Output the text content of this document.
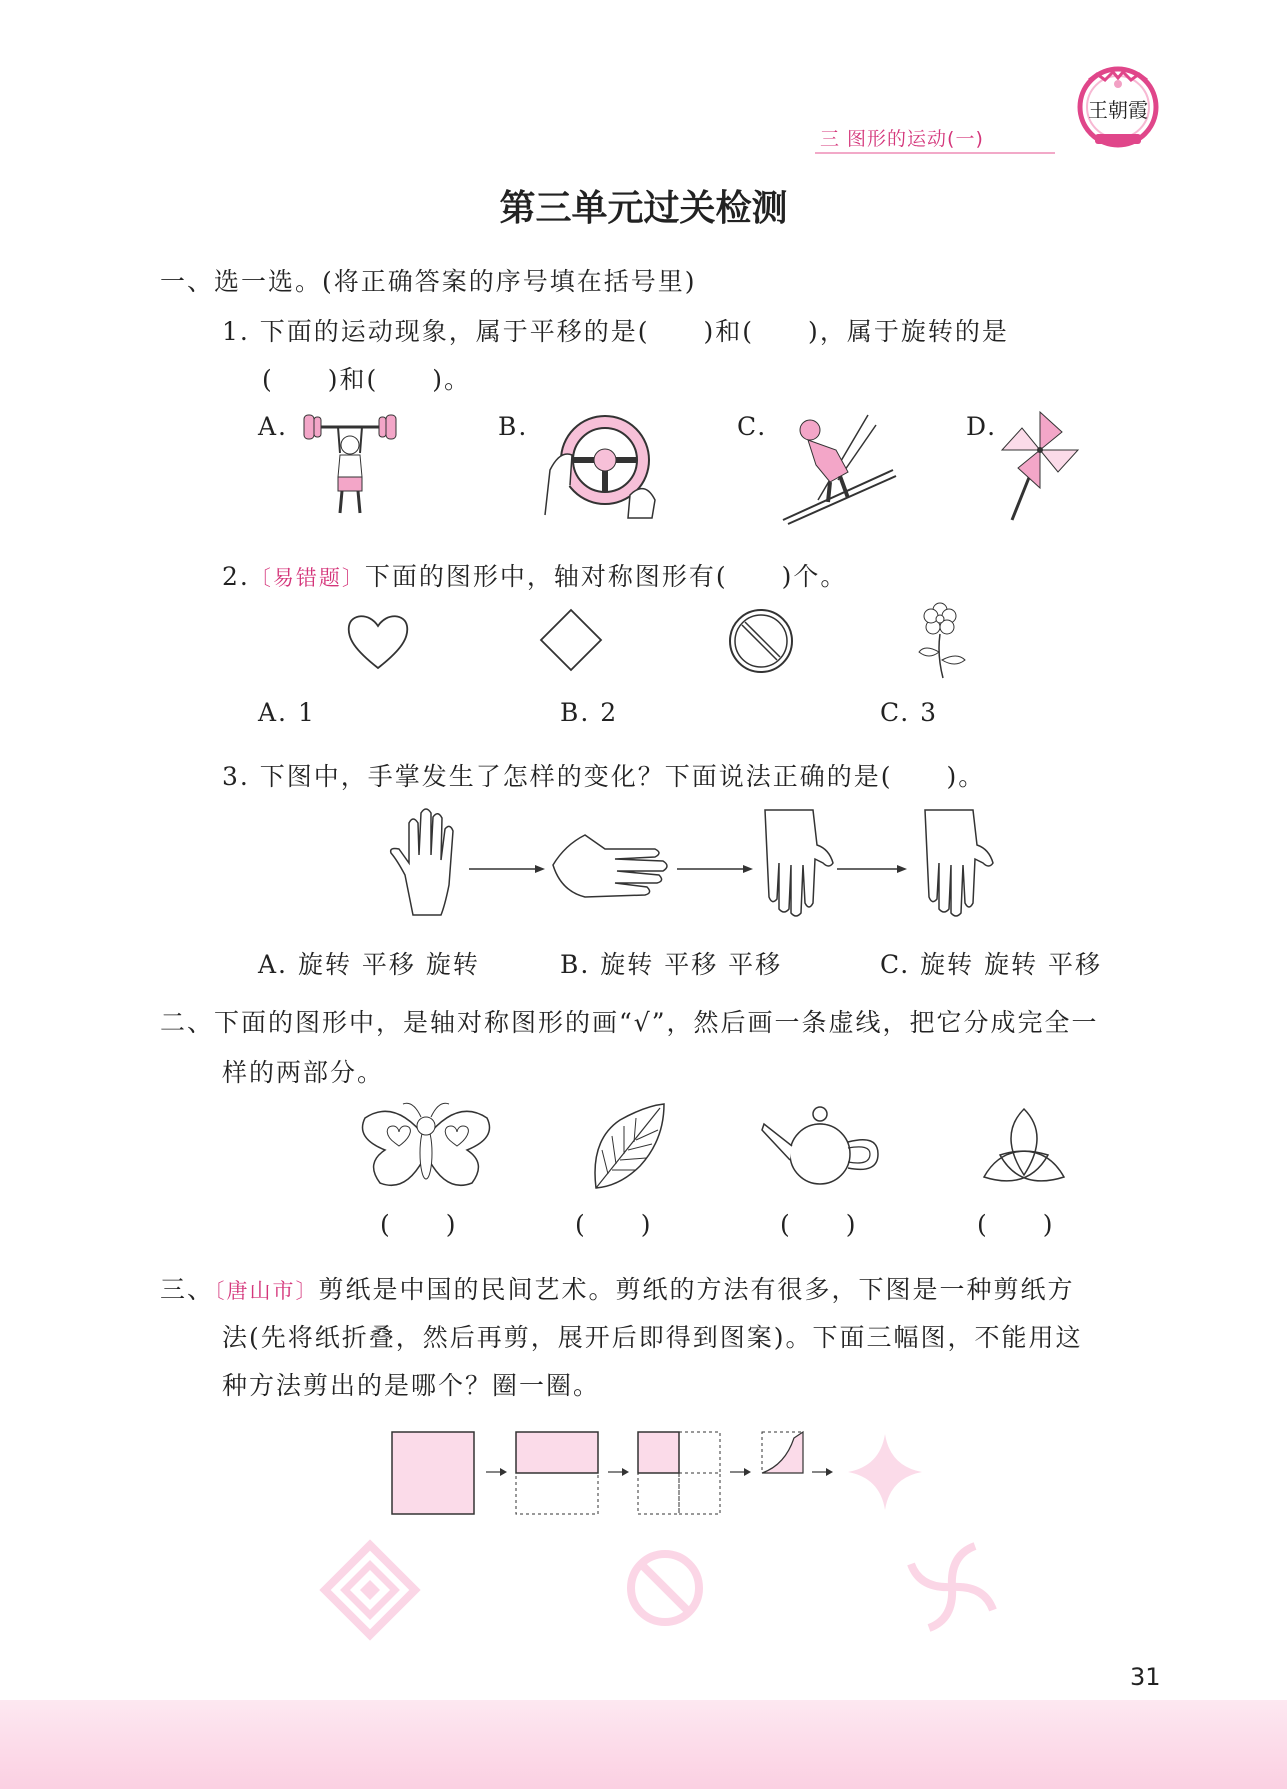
三 图形的运动(一)
王朝霞
第三单元过关检测
一、选一选。(将正确答案的序号填在括号里)
1. 下面的运动现象，属于平移的是(　　)和(　　)，属于旋转的是
(　　)和(　　)。
A.	B.	C.	D.
2.〔易错题〕下面的图形中，轴对称图形有(　　)个。
A. 1	B. 2	C. 3
3. 下图中，手掌发生了怎样的变化？下面说法正确的是(　　)。
A. 旋转 平移 旋转	B. 旋转 平移 平移	C. 旋转 旋转 平移
二、下面的图形中，是轴对称图形的画“√”，然后画一条虚线，把它分成完全一
样的两部分。
(　　)	(　　)	(　　)	(　　)
三、〔唐山市〕剪纸是中国的民间艺术。剪纸的方法有很多，下图是一种剪纸方
法(先将纸折叠，然后再剪，展开后即得到图案)。下面三幅图，不能用这
种方法剪出的是哪个？圈一圈。
31
